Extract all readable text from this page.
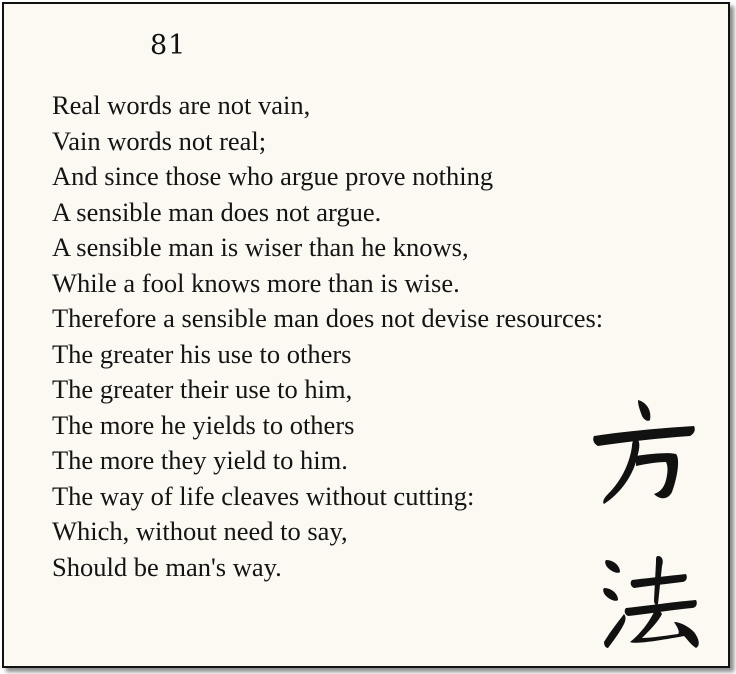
81
Real words are not vain,
Vain words not real;
And since those who argue prove nothing
A sensible man does not argue.
A sensible man is wiser than he knows,
While a fool knows more than is wise.
Therefore a sensible man does not devise resources:
The greater his use to others
The greater their use to him,
The more he yields to others
The more they yield to him.
The way of life cleaves without cutting:
Which, without need to say,
Should be man's way.
